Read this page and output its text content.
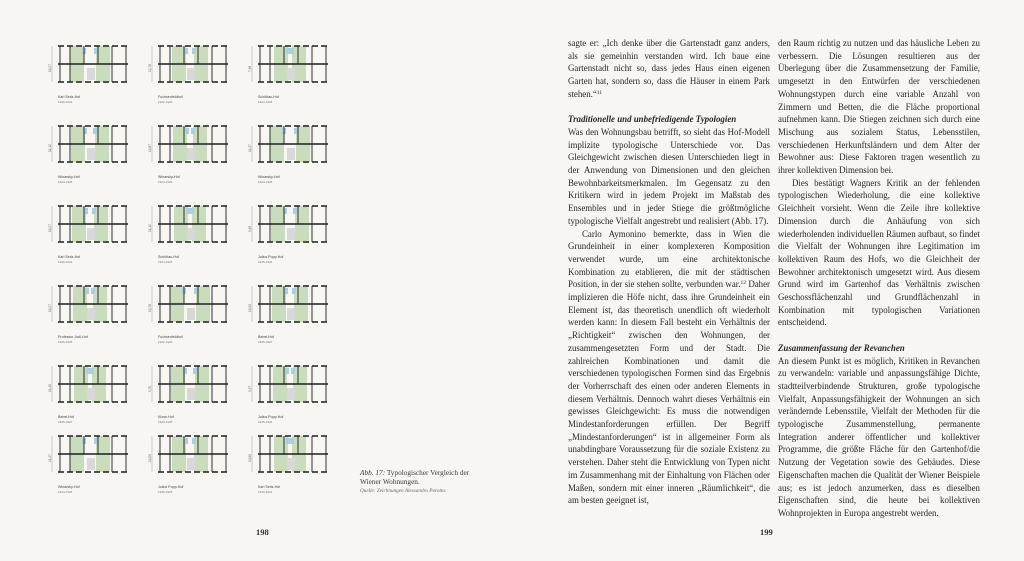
10,27
Karl Seitz-Hof
1926-1931
12,76
Fuchsenfeldhof
1922-1925
7,98
Schüttau-Hof
1924-1925
11,12
Winarsky-Hof
1924-1926
10,87
Winarsky-Hof
1924-1926
11,27
Winarsky-Hof
1924-1926
10,27
Karl Seitz-Hof
1926-1931
11,12
Schüttau-Hof
1924-1925
9,63
Julius Popp-Hof
1925-1926
10,27
Professor Jodl-Hof
1925-1926
10,76
Fuchsenfeldhof
1922-1925
10,90
Bebel-Hof
1925-1927
11,40
Bebel-Hof
1925-1927
9,70
Klose-Hof
1924-1925
9,57
Julius Popp-Hof
1925-1926
11,47
Winarsky-Hof
1924-1926
12,00
Julius Popp-Hof
1925-1926
10,60
Karl Seitz-Hof
1926-1931
Abb. 17: Typologischer Vergleich der Wiener Wohnungen.
Quelle: Zeichnungen Alessandro Porotto.
198	199

sagte er: „Ich denke über die Gartenstadt ganz anders, als sie gemeinhin verstanden wird. Ich baue eine Gartenstadt nicht so, dass jedes Haus einen eigenen Garten hat, sondern so, dass die Häuser in einem Park stehen.“$^{11}$

Traditionelle und unbefriedigende Typologien

Was den Wohnungsbau betrifft, so sieht das Hof-Modell implizite typologische Unterschiede vor. Das Gleichgewicht zwischen diesen Unterschieden liegt in der Anwendung von Dimensionen und den gleichen Bewohnbarkeitsmerkmalen. Im Gegensatz zu den Kritikern wird in jedem Projekt im Maßstab des Ensembles und in jeder Stiege die größtmögliche typologische Vielfalt angestrebt und realisiert (Abb. 17).

Carlo Aymonino bemerkte, dass in Wien die Grundeinheit in einer komplexeren Komposition verwendet wurde, um eine architektonische Kombination zu etablieren, die mit der städtischen Position, in der sie stehen sollte, verbunden war.$^{12}$ Daher implizieren die Höfe nicht, dass ihre Grundeinheit ein Element ist, das theoretisch unendlich oft wiederholt werden kann: In diesem Fall besteht ein Verhältnis der „Richtigkeit“ zwischen den Wohnungen, der zusammengesetzten Form und der Stadt. Die zahlreichen Kombinationen und damit die verschiedenen typologischen Formen sind das Ergebnis der Vorherrschaft des einen oder anderen Elements in diesem Verhältnis. Dennoch wahrt dieses Verhältnis ein gewisses Gleichgewicht: Es muss die notwendigen Mindestanforderungen erfüllen. Der Begriff „Mindestanforderungen“ ist in allgemeiner Form als unabdingbare Voraussetzung für die soziale Existenz zu verstehen. Daher steht die Entwicklung von Typen nicht im Zusammenhang mit der Einhaltung von Flächen oder Maßen, sondern mit einer inneren „Räumlichkeit“, die am besten geeignet ist,

den Raum richtig zu nutzen und das häusliche Leben zu verbessern. Die Lösungen resultieren aus der Überlegung über die Zusammensetzung der Familie, umgesetzt in den Entwürfen der verschiedenen Wohnungstypen durch eine variable Anzahl von Zimmern und Betten, die die Fläche proportional aufnehmen kann. Die Stiegen zeichnen sich durch eine Mischung aus sozialem Status, Lebensstilen, verschiedenen Herkunftsländern und dem Alter der Bewohner aus: Diese Faktoren tragen wesentlich zu ihrer kollektiven Dimension bei.

Dies bestätigt Wagners Kritik an der fehlenden typologischen Wiederholung, die eine kollektive Gleichheit vorsieht. Wenn die Zeile ihre kollektive Dimension durch die Anhäufung von sich wiederholenden individuellen Räumen aufbaut, so findet die Vielfalt der Wohnungen ihre Legitimation im kollektiven Raum des Hofs, wo die Gleichheit der Bewohner architektonisch umgesetzt wird. Aus diesem Grund wird im Gartenhof das Verhältnis zwischen Geschossflächenzahl und Grundflächenzahl in Kombination mit typologischen Variationen entscheidend.

Zusammenfassung der Revanchen

An diesem Punkt ist es möglich, Kritiken in Revanchen zu verwandeln: variable und anpassungsfähige Dichte, stadtteilverbindende Strukturen, große typologische Vielfalt, Anpassungsfähigkeit der Wohnungen an sich verändernde Lebensstile, Vielfalt der Methoden für die typologische Zusammenstellung, permanente Integration anderer öffentlicher und kollektiver Programme, die größte Fläche für den Gartenhof/die Nutzung der Vegetation sowie des Gebäudes. Diese Eigenschaften machen die Qualität der Wiener Beispiele aus; es ist jedoch anzumerken, dass es dieselben Eigenschaften sind, die heute bei kollektiven Wohnprojekten in Europa angestrebt werden.
